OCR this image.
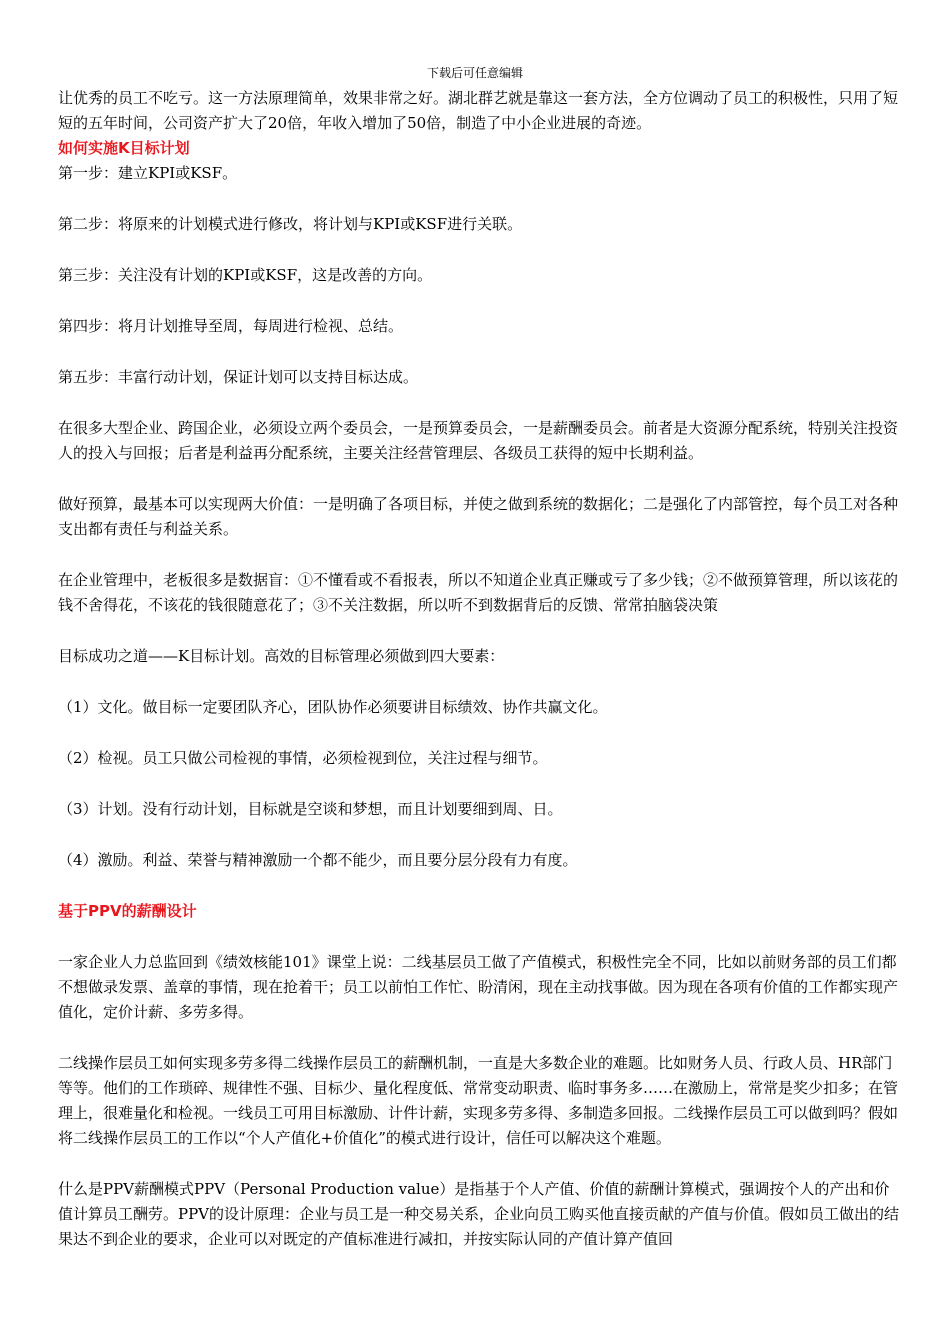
下载后可任意编辑

让优秀的员工不吃亏。这一方法原理简单，效果非常之好。湖北群艺就是靠这一套方法，全方位调动了员工的积极性，只用了短短的五年时间，公司资产扩大了20倍，年收入增加了50倍，制造了中小企业进展的奇迹。

如何实施K目标计划

第一步：建立KPI或KSF。

第二步：将原来的计划模式进行修改，将计划与KPI或KSF进行关联。

第三步：关注没有计划的KPI或KSF，这是改善的方向。

第四步：将月计划推导至周，每周进行检视、总结。

第五步：丰富行动计划，保证计划可以支持目标达成。

在很多大型企业、跨国企业，必须设立两个委员会，一是预算委员会，一是薪酬委员会。前者是大资源分配系统，特别关注投资人的投入与回报；后者是利益再分配系统，主要关注经营管理层、各级员工获得的短中长期利益。

做好预算，最基本可以实现两大价值：一是明确了各项目标，并使之做到系统的数据化；二是强化了内部管控，每个员工对各种支出都有责任与利益关系。

在企业管理中，老板很多是数据盲：①不懂看或不看报表，所以不知道企业真正赚或亏了多少钱；②不做预算管理，所以该花的钱不舍得花，不该花的钱很随意花了；③不关注数据，所以听不到数据背后的反馈、常常拍脑袋决策

目标成功之道——K目标计划。高效的目标管理必须做到四大要素：

（1）文化。做目标一定要团队齐心，团队协作必须要讲目标绩效、协作共赢文化。

（2）检视。员工只做公司检视的事情，必须检视到位，关注过程与细节。

（3）计划。没有行动计划，目标就是空谈和梦想，而且计划要细到周、日。

（4）激励。利益、荣誉与精神激励一个都不能少，而且要分层分段有力有度。

基于PPV的薪酬设计

一家企业人力总监回到《绩效核能101》课堂上说：二线基层员工做了产值模式，积极性完全不同，比如以前财务部的员工们都不想做录发票、盖章的事情，现在抢着干；员工以前怕工作忙、盼清闲，现在主动找事做。因为现在各项有价值的工作都实现产值化，定价计薪、多劳多得。

二线操作层员工如何实现多劳多得二线操作层员工的薪酬机制，一直是大多数企业的难题。比如财务人员、行政人员、HR部门等等。他们的工作琐碎、规律性不强、目标少、量化程度低、常常变动职责、临时事务多……在激励上，常常是奖少扣多；在管理上，很难量化和检视。一线员工可用目标激励、计件计薪，实现多劳多得、多制造多回报。二线操作层员工可以做到吗？假如将二线操作层员工的工作以“个人产值化+价值化”的模式进行设计，信任可以解决这个难题。

什么是PPV薪酬模式PPV（Personal Production value）是指基于个人产值、价值的薪酬计算模式，强调按个人的产出和价值计算员工酬劳。PPV的设计原理：企业与员工是一种交易关系，企业向员工购买他直接贡献的产值与价值。假如员工做出的结果达不到企业的要求，企业可以对既定的产值标准进行减扣，并按实际认同的产值计算产值回
